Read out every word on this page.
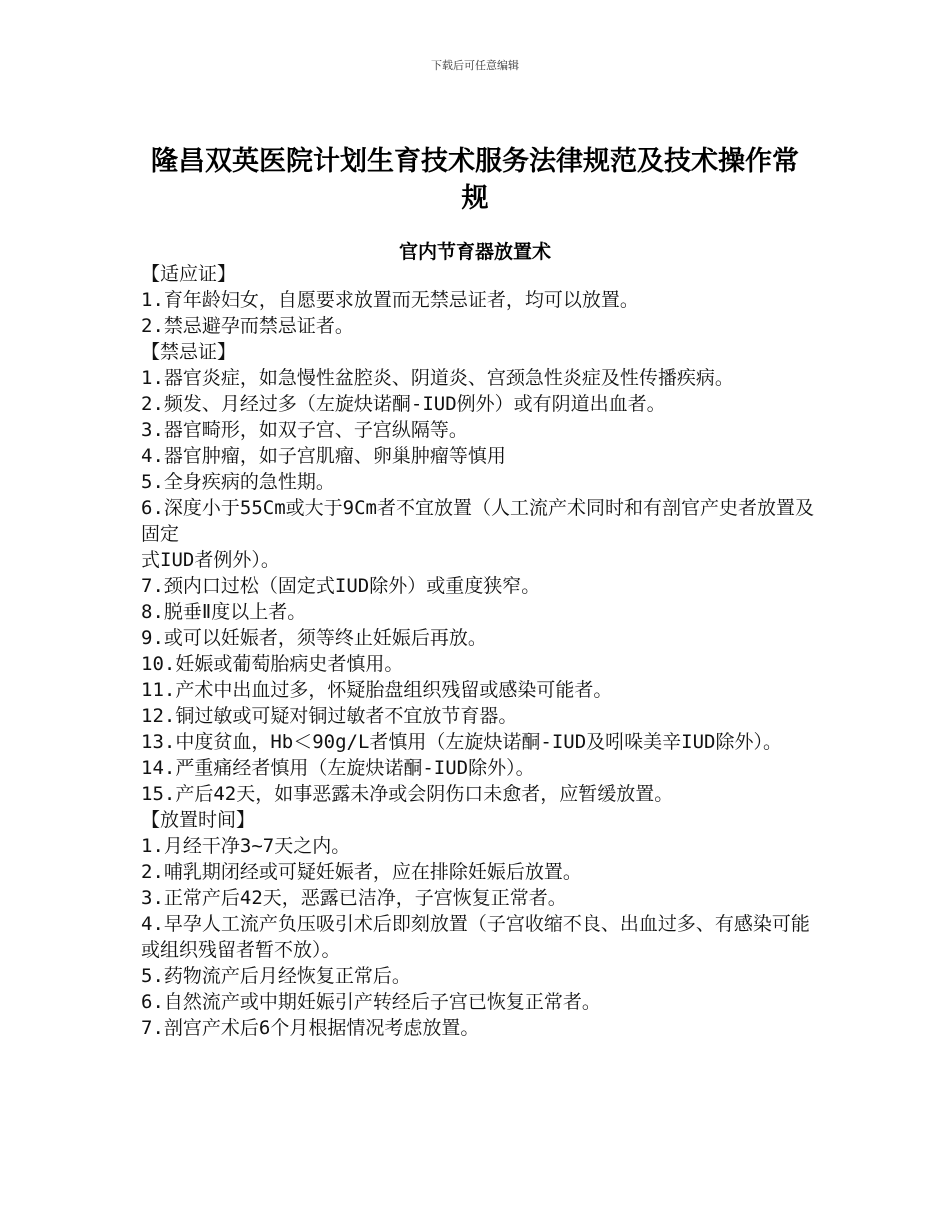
下载后可任意编辑
隆昌双英医院计划生育技术服务法律规范及技术操作常规
官内节育器放置术

【适应证】

1.育年龄妇女，自愿要求放置而无禁忌证者，均可以放置。

2.禁忌避孕而禁忌证者。

【禁忌证】

1.器官炎症，如急慢性盆腔炎、阴道炎、宫颈急性炎症及性传播疾病。

2.频发、月经过多（左旋炔诺酮-IUD例外）或有阴道出血者。

3.器官畸形，如双子宫、子宫纵隔等。

4.器官肿瘤，如子宫肌瘤、卵巢肿瘤等慎用

5.全身疾病的急性期。

6.深度小于55Cm或大于9Cm者不宜放置（人工流产术同时和有剖官产史者放置及固定

式IUD者例外）。

7.颈内口过松（固定式IUD除外）或重度狭窄。

8.脱垂Ⅱ度以上者。

9.或可以妊娠者，须等终止妊娠后再放。

10.妊娠或葡萄胎病史者慎用。

11.产术中出血过多，怀疑胎盘组织残留或感染可能者。

12.铜过敏或可疑对铜过敏者不宜放节育器。

13.中度贫血，Hb＜90g/L者慎用（左旋炔诺酮-IUD及吲哚美辛IUD除外）。

14.严重痛经者慎用（左旋炔诺酮-IUD除外）。

15.产后42天，如事恶露未净或会阴伤口未愈者，应暂缓放置。

【放置时间】

1.月经干净3~7天之内。

2.哺乳期闭经或可疑妊娠者，应在排除妊娠后放置。

3.正常产后42天，恶露已洁净，子宫恢复正常者。

4.早孕人工流产负压吸引术后即刻放置（子宫收缩不良、出血过多、有感染可能或组织残留者暂不放）。

5.药物流产后月经恢复正常后。

6.自然流产或中期妊娠引产转经后子宫已恢复正常者。

7.剖宫产术后6个月根据情况考虑放置。
